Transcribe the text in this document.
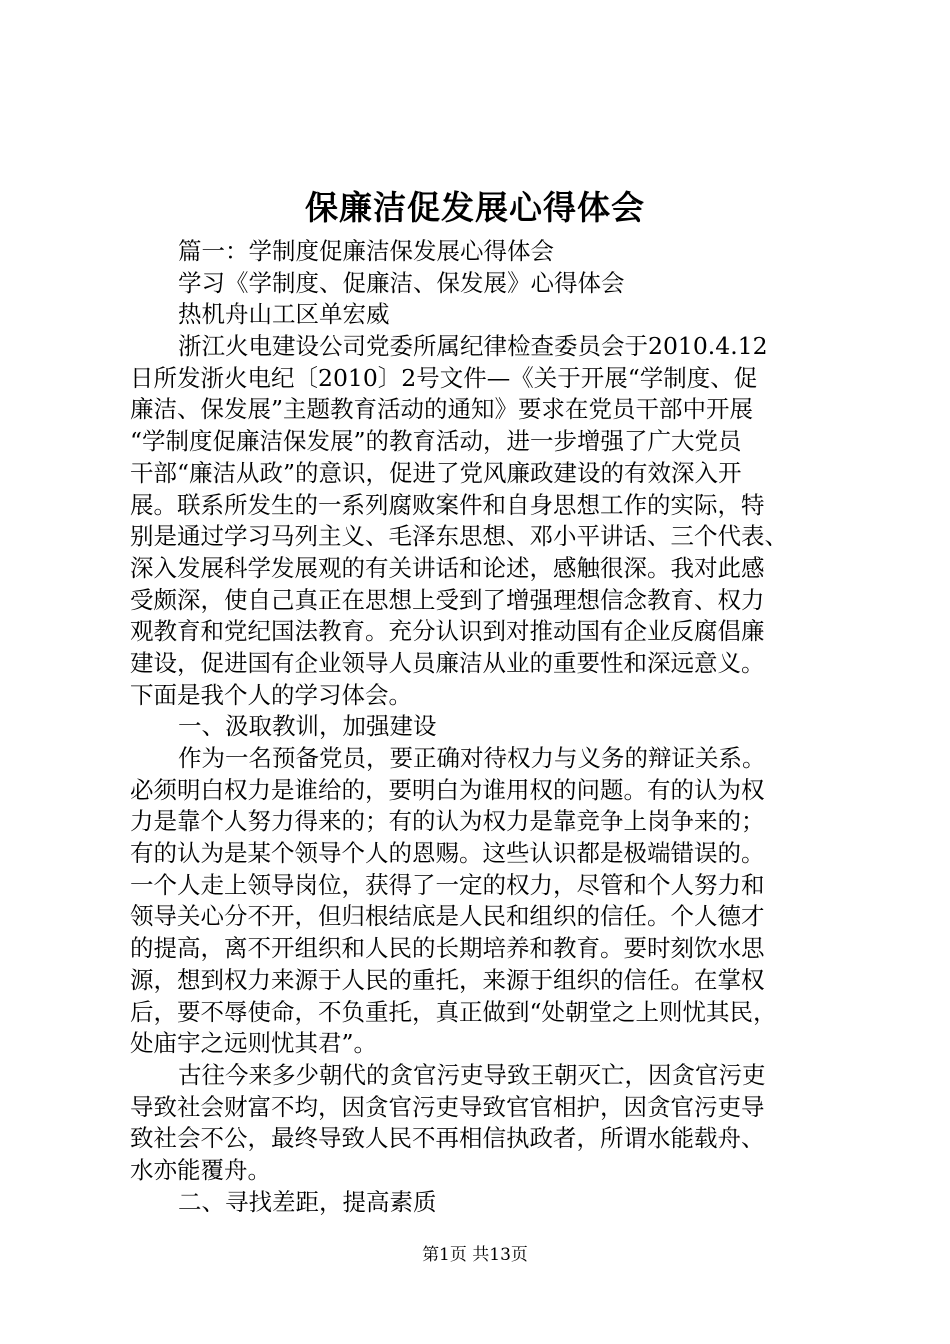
保廉洁促发展心得体会
篇一：学制度促廉洁保发展心得体会
学习《学制度、促廉洁、保发展》心得体会
热机舟山工区单宏威
浙江火电建设公司党委所属纪律检查委员会于2010.4.12
日所发浙火电纪〔2010〕2号文件—《关于开展“学制度、促
廉洁、保发展”主题教育活动的通知》要求在党员干部中开展
“学制度促廉洁保发展”的教育活动，进一步增强了广大党员
干部“廉洁从政”的意识，促进了党风廉政建设的有效深入开
展。联系所发生的一系列腐败案件和自身思想工作的实际，特
别是通过学习马列主义、毛泽东思想、邓小平讲话、三个代表、
深入发展科学发展观的有关讲话和论述，感触很深。我对此感
受颇深，使自己真正在思想上受到了增强理想信念教育、权力
观教育和党纪国法教育。充分认识到对推动国有企业反腐倡廉
建设，促进国有企业领导人员廉洁从业的重要性和深远意义。
下面是我个人的学习体会。
一、汲取教训，加强建设
作为一名预备党员，要正确对待权力与义务的辩证关系。
必须明白权力是谁给的，要明白为谁用权的问题。有的认为权
力是靠个人努力得来的；有的认为权力是靠竞争上岗争来的；
有的认为是某个领导个人的恩赐。这些认识都是极端错误的。
一个人走上领导岗位，获得了一定的权力，尽管和个人努力和
领导关心分不开，但归根结底是人民和组织的信任。个人德才
的提高，离不开组织和人民的长期培养和教育。要时刻饮水思
源，想到权力来源于人民的重托，来源于组织的信任。在掌权
后，要不辱使命，不负重托，真正做到“处朝堂之上则忧其民，
处庙宇之远则忧其君”。
古往今来多少朝代的贪官污吏导致王朝灭亡，因贪官污吏
导致社会财富不均，因贪官污吏导致官官相护，因贪官污吏导
致社会不公，最终导致人民不再相信执政者，所谓水能载舟、
水亦能覆舟。
二、寻找差距，提高素质
第1页 共13页
